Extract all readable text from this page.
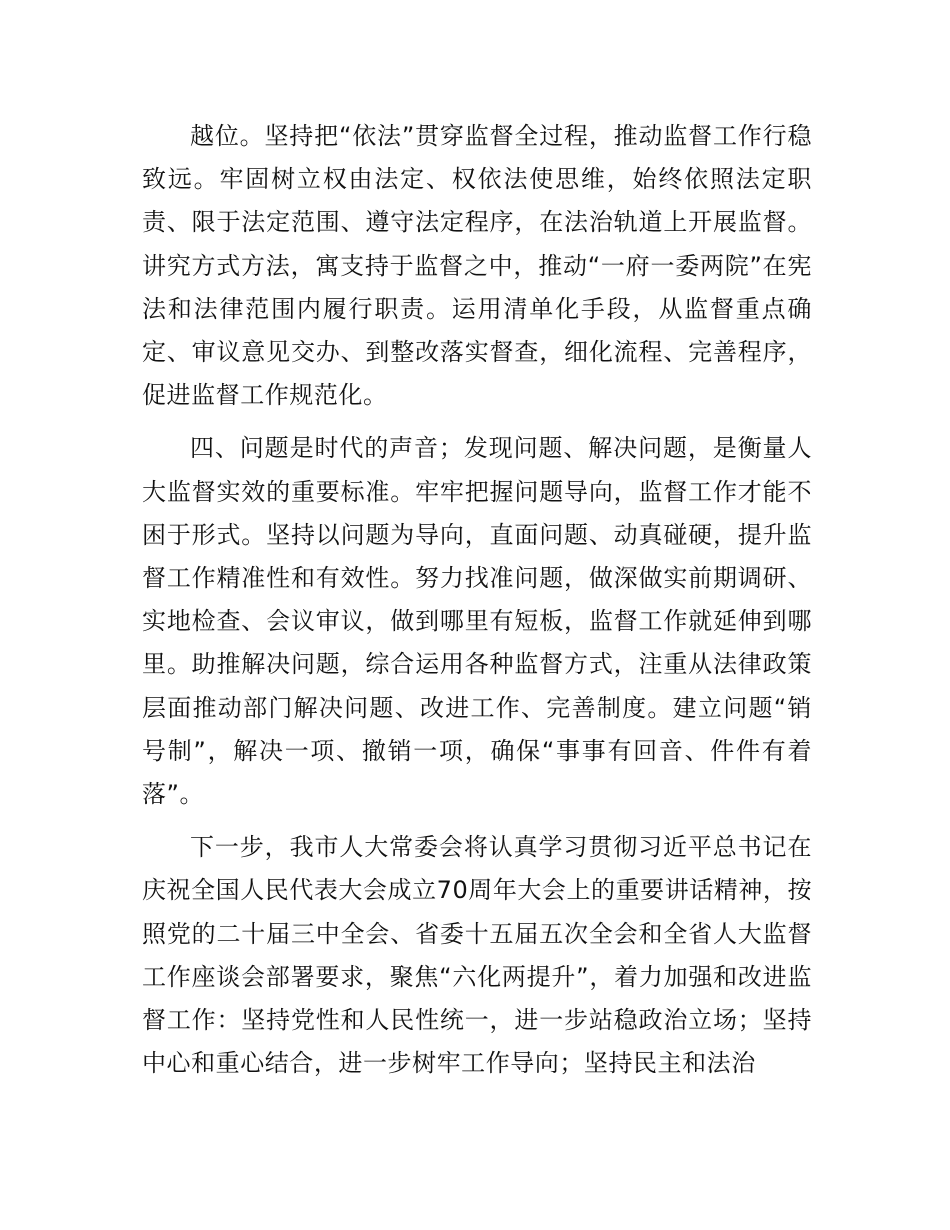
越位。坚持把“依法”贯穿监督全过程，推动监督工作行稳致远。牢固树立权由法定、权依法使思维，始终依照法定职责、限于法定范围、遵守法定程序，在法治轨道上开展监督。讲究方式方法，寓支持于监督之中，推动“一府一委两院”在宪法和法律范围内履行职责。运用清单化手段，从监督重点确定、审议意见交办、到整改落实督查，细化流程、完善程序，促进监督工作规范化。

四、问题是时代的声音；发现问题、解决问题，是衡量人大监督实效的重要标准。牢牢把握问题导向，监督工作才能不困于形式。坚持以问题为导向，直面问题、动真碰硬，提升监督工作精准性和有效性。努力找准问题，做深做实前期调研、实地检查、会议审议，做到哪里有短板，监督工作就延伸到哪里。助推解决问题，综合运用各种监督方式，注重从法律政策层面推动部门解决问题、改进工作、完善制度。建立问题“销号制”，解决一项、撤销一项，确保“事事有回音、件件有着落”。

下一步，我市人大常委会将认真学习贯彻习近平总书记在庆祝全国人民代表大会成立70周年大会上的重要讲话精神，按照党的二十届三中全会、省委十五届五次全会和全省人大监督工作座谈会部署要求，聚焦“六化两提升”，着力加强和改进监督工作：坚持党性和人民性统一，进一步站稳政治立场；坚持中心和重心结合，进一步树牢工作导向；坚持民主和法治
